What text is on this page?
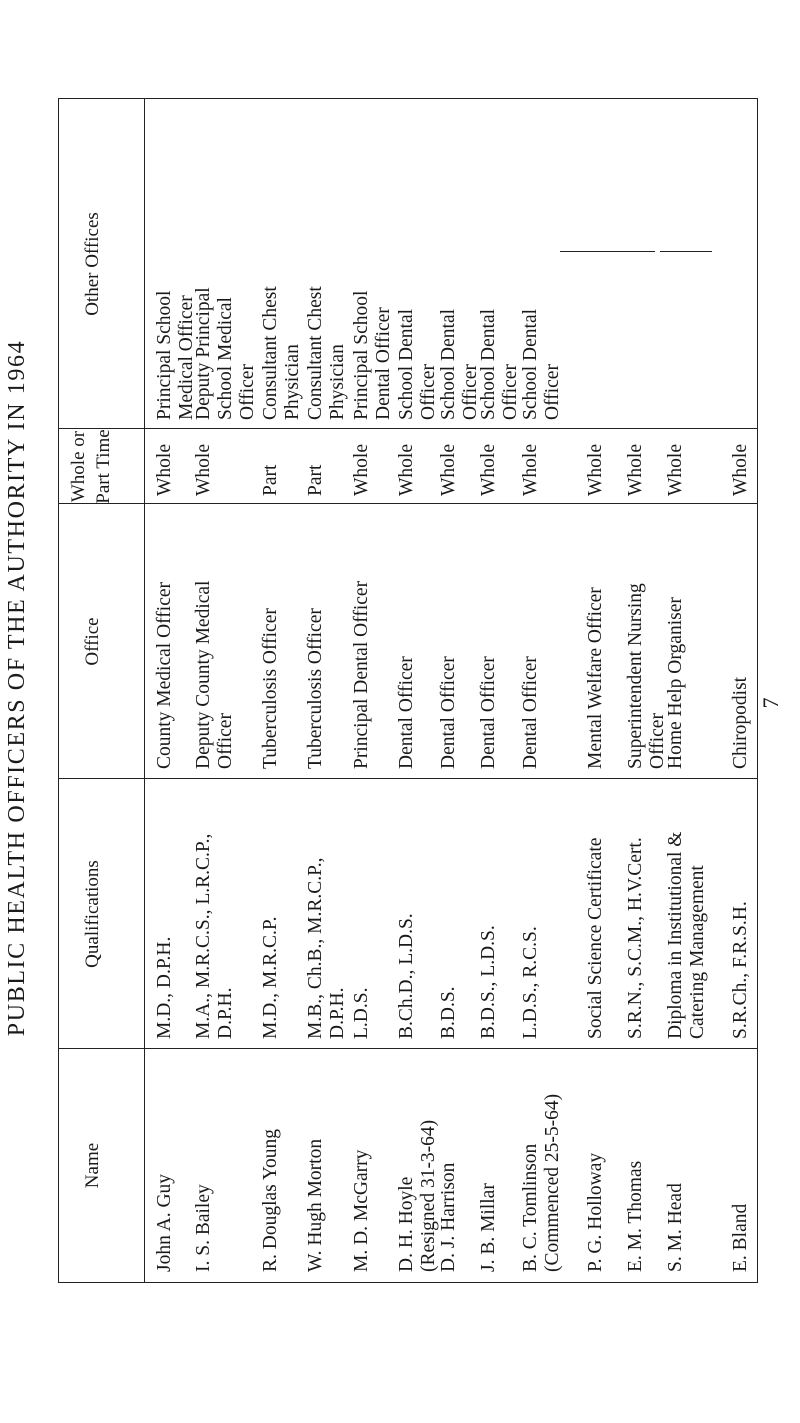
PUBLIC HEALTH OFFICERS OF THE AUTHORITY IN 1964
Name
Qualifications
Office
Whole or Part Time
Other Offices
John A. Guy
M.D., D.P.H.
County Medical Officer
Whole
Principal School Medical Officer
I. S. Bailey
M.A., M.R.C.S., L.R.C.P., D.P.H.
Deputy County Medical Officer
Whole
Deputy Principal School Medical Officer
R. Douglas Young
M.D., M.R.C.P.
Tuberculosis Officer
Part
Consultant Chest Physician
W. Hugh Morton
M.B., Ch.B., M.R.C.P., D.P.H.
Tuberculosis Officer
Part
Consultant Chest Physician
M. D. McGarry
L.D.S.
Principal Dental Officer
Whole
Principal School Dental Officer
D. H. Hoyle (Resigned 31-3-64)
B.Ch.D., L.D.S.
Dental Officer
Whole
School Dental Officer
D. J. Harrison
B.D.S.
Dental Officer
Whole
School Dental Officer
J. B. Millar
B.D.S., L.D.S.
Dental Officer
Whole
School Dental Officer
B. C. Tomlinson (Commenced 25-5-64)
L.D.S., R.C.S.
Dental Officer
Whole
School Dental Officer
P. G. Holloway
Social Science Certificate
Mental Welfare Officer
Whole
E. M. Thomas
S.R.N., S.C.M., H.V.Cert.
Superintendent Nursing Officer
Whole
S. M. Head
Diploma in Institutional & Catering Management
Home Help Organiser
Whole
E. Bland
S.R.Ch., F.R.S.H.
Chiropodist
Whole
7
